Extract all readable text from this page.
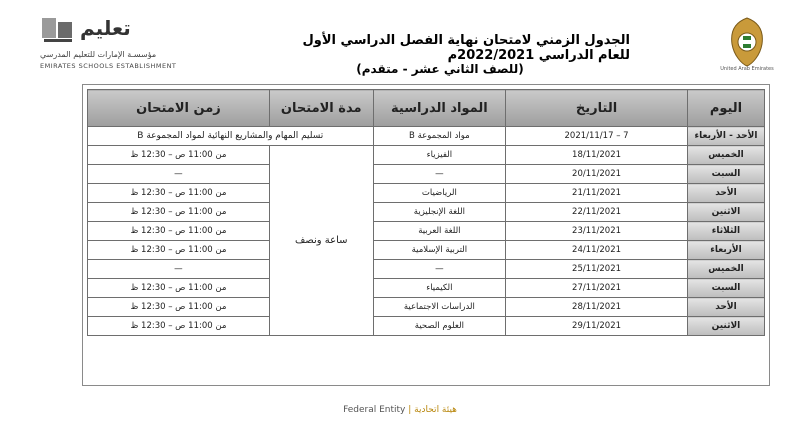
تعليم
مؤسسـة الإمارات للتعليم المدرسي
EMIRATES SCHOOLS ESTABLISHMENT	United Arab Emirates
الجدول الزمني لامتحان نهاية الفصل الدراسي الأول للعام الدراسي 2022/2021م
(للصف الثاني عشر - متقدم)
اليوم	التاريخ	المواد الدراسية	مدة الامتحان	زمن الامتحان
الأحد - الأربعاء	7 – 2021/11/17	مواد المجموعة B	تسليم المهام والمشاريع النهائية لمواد المجموعة B	
الخميس	18/11/2021	الفيزياء	ساعة ونصف	من 11:00 ص – 12:30 ظ
السبت	20/11/2021	—		—
الأحد	21/11/2021	الرياضيات		من 11:00 ص – 12:30 ظ
الاثنين	22/11/2021	اللغة الإنجليزية		من 11:00 ص – 12:30 ظ
الثلاثاء	23/11/2021	اللغة العربية		من 11:00 ص – 12:30 ظ
الأربعاء	24/11/2021	التربية الإسلامية		من 11:00 ص – 12:30 ظ
الخميس	25/11/2021	—		—
السبت	27/11/2021	الكيمياء		من 11:00 ص – 12:30 ظ
الأحد	28/11/2021	الدراسات الاجتماعية		من 11:00 ص – 12:30 ظ
الاثنين	29/11/2021	العلوم الصحية		من 11:00 ص – 12:30 ظ
Federal Entity | هيئة اتحادية
